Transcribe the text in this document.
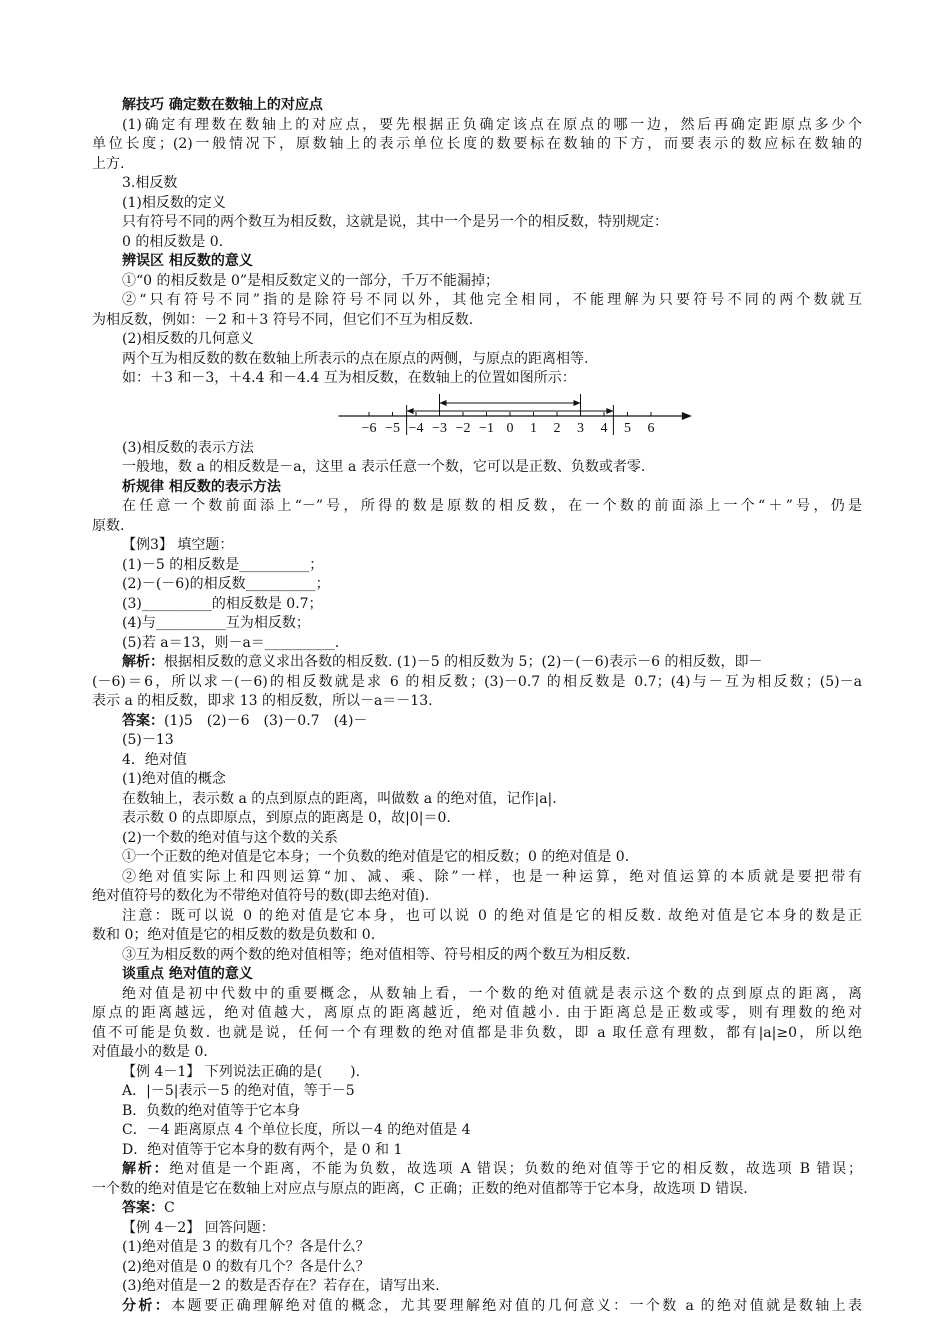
解技巧 确定数在数轴上的对应点
(1)确定有理数在数轴上的对应点，要先根据正负确定该点在原点的哪一边，然后再确定距原点多少个
单位长度；(2)一般情况下，原数轴上的表示单位长度的数要标在数轴的下方，而要表示的数应标在数轴的
上方.
3.相反数
(1)相反数的定义
只有符号不同的两个数互为相反数，这就是说，其中一个是另一个的相反数，特别规定：
0 的相反数是 0.
辨误区 相反数的意义
①“0 的相反数是 0”是相反数定义的一部分，千万不能漏掉；
②“只有符号不同”指的是除符号不同以外，其他完全相同，不能理解为只要符号不同的两个数就互
为相反数，例如：－2 和＋3 符号不同，但它们不互为相反数.
(2)相反数的几何意义
两个互为相反数的数在数轴上所表示的点在原点的两侧，与原点的距离相等.
如：＋3 和－3，＋4.4 和－4.4 互为相反数，在数轴上的位置如图所示：
−6 −5 −4 −3 −2 −1 0 1 2 3 4 5 6
(3)相反数的表示方法
一般地，数 a 的相反数是－a，这里 a 表示任意一个数，它可以是正数、负数或者零.
析规律 相反数的表示方法
在任意一个数前面添上“－”号，所得的数是原数的相反数，在一个数的前面添上一个“＋”号，仍是
原数.
【例3】 填空题：
(1)－5 的相反数是__________；
(2)－(－6)的相反数__________；
(3)__________的相反数是 0.7；
(4)与__________互为相反数；
(5)若 a＝13，则－a＝__________.
解析：根据相反数的意义求出各数的相反数. (1)－5 的相反数为 5；(2)－(－6)表示－6 的相反数，即－
(－6)＝6，所以求－(－6)的相反数就是求 6 的相反数；(3)－0.7 的相反数是 0.7；(4)与－互为相反数；(5)－a
表示 a 的相反数，即求 13 的相反数，所以－a＝－13.
答案：(1)5　(2)－6　(3)－0.7　(4)－
(5)－13
4．绝对值
(1)绝对值的概念
在数轴上，表示数 a 的点到原点的距离，叫做数 a 的绝对值，记作|a|.
表示数 0 的点即原点，到原点的距离是 0，故|0|＝0.
(2)一个数的绝对值与这个数的关系
①一个正数的绝对值是它本身；一个负数的绝对值是它的相反数；0 的绝对值是 0.
②绝对值实际上和四则运算“加、减、乘、除”一样，也是一种运算，绝对值运算的本质就是要把带有
绝对值符号的数化为不带绝对值符号的数(即去绝对值).
注意：既可以说 0 的绝对值是它本身，也可以说 0 的绝对值是它的相反数. 故绝对值是它本身的数是正
数和 0；绝对值是它的相反数的数是负数和 0.
③互为相反数的两个数的绝对值相等；绝对值相等、符号相反的两个数互为相反数.
谈重点 绝对值的意义
绝对值是初中代数中的重要概念，从数轴上看，一个数的绝对值就是表示这个数的点到原点的距离，离
原点的距离越远，绝对值越大，离原点的距离越近，绝对值越小. 由于距离总是正数或零，则有理数的绝对
值不可能是负数. 也就是说，任何一个有理数的绝对值都是非负数，即 a 取任意有理数，都有|a|≥0，所以绝
对值最小的数是 0.
【例 4－1】 下列说法正确的是(　　).
A．|－5|表示－5 的绝对值，等于－5
B．负数的绝对值等于它本身
C．－4 距离原点 4 个单位长度，所以－4 的绝对值是 4
D．绝对值等于它本身的数有两个，是 0 和 1
解析：绝对值是一个距离，不能为负数，故选项 A 错误；负数的绝对值等于它的相反数，故选项 B 错误；
一个数的绝对值是它在数轴上对应点与原点的距离，C 正确；正数的绝对值都等于它本身，故选项 D 错误.
答案：C
【例 4－2】 回答问题：
(1)绝对值是 3 的数有几个？各是什么？
(2)绝对值是 0 的数有几个？各是什么？
(3)绝对值是－2 的数是否存在？若存在，请写出来.
分析：本题要正确理解绝对值的概念，尤其要理解绝对值的几何意义：一个数 a 的绝对值就是数轴上表
